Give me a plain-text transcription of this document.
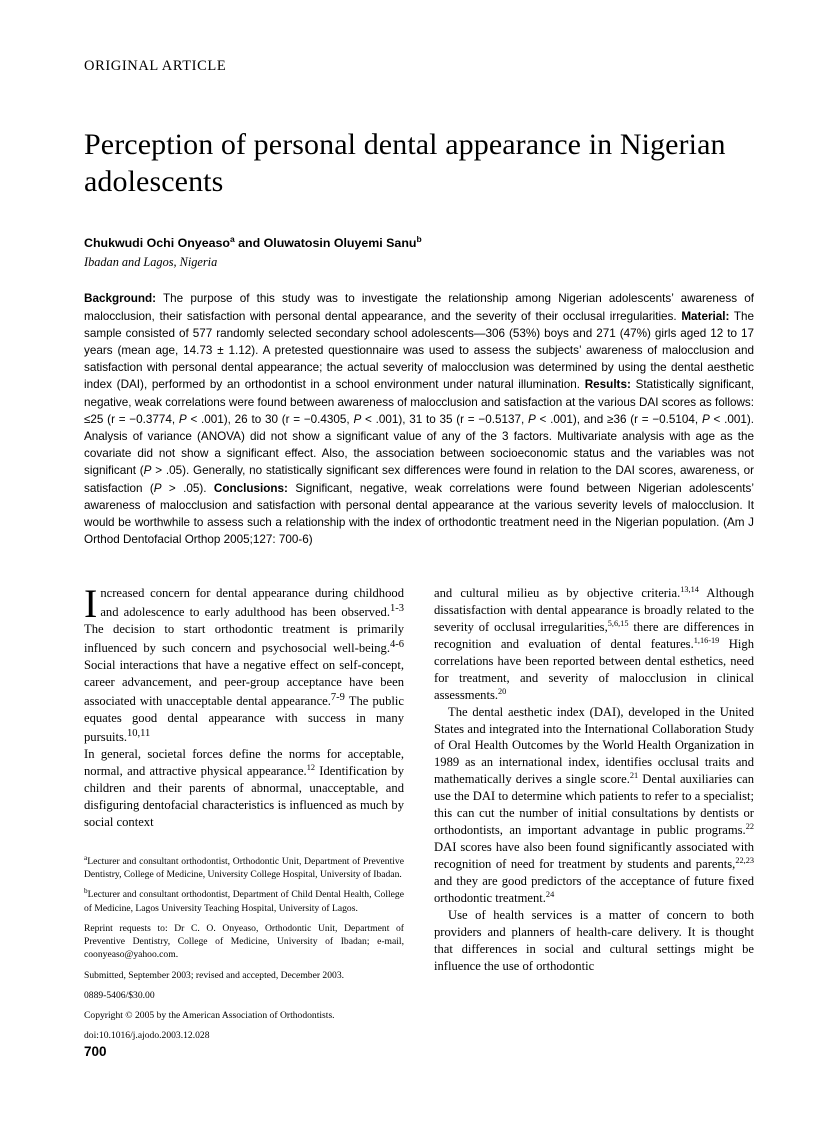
ORIGINAL ARTICLE
Perception of personal dental appearance in Nigerian adolescents

Chukwudi Ochi Onyeaso$^a$ and Oluwatosin Oluyemi Sanu$^b$

Ibadan and Lagos, Nigeria

Background: The purpose of this study was to investigate the relationship among Nigerian adolescents’ awareness of malocclusion, their satisfaction with personal dental appearance, and the severity of their occlusal irregularities. Material: The sample consisted of 577 randomly selected secondary school adolescents—306 (53%) boys and 271 (47%) girls aged 12 to 17 years (mean age, 14.73 ± 1.12). A pretested questionnaire was used to assess the subjects’ awareness of malocclusion and satisfaction with personal dental appearance; the actual severity of malocclusion was determined by using the dental aesthetic index (DAI), performed by an orthodontist in a school environment under natural illumination. Results: Statistically significant, negative, weak correlations were found between awareness of malocclusion and satisfaction at the various DAI scores as follows: ≤25 (r = −0.3774, P < .001), 26 to 30 (r = −0.4305, P < .001), 31 to 35 (r = −0.5137, P < .001), and ≥36 (r = −0.5104, P < .001). Analysis of variance (ANOVA) did not show a significant value of any of the 3 factors. Multivariate analysis with age as the covariate did not show a significant effect. Also, the association between socioeconomic status and the variables was not significant (P > .05). Generally, no statistically significant sex differences were found in relation to the DAI scores, awareness, or satisfaction (P > .05). Conclusions: Significant, negative, weak correlations were found between Nigerian adolescents’ awareness of malocclusion and satisfaction with personal dental appearance at the various severity levels of malocclusion. It would be worthwhile to assess such a relationship with the index of orthodontic treatment need in the Nigerian population. (Am J Orthod Dentofacial Orthop 2005;127: 700-6)

Increased concern for dental appearance during childhood and adolescence to early adulthood has been observed.$^{1-3}$ The decision to start orthodontic treatment is primarily influenced by such concern and psychosocial well-being.$^{4-6}$ Social interactions that have a negative effect on self-concept, career advancement, and peer-group acceptance have been associated with unacceptable dental appearance.$^{7-9}$ The public equates good dental appearance with success in many pursuits.$^{10,11}$

In general, societal forces define the norms for acceptable, normal, and attractive physical appearance.$^{12}$ Identification by children and their parents of abnormal, unacceptable, and disfiguring dentofacial characteristics is influenced as much by social context

$^a$Lecturer and consultant orthodontist, Orthodontic Unit, Department of Preventive Dentistry, College of Medicine, University College Hospital, University of Ibadan.

$^b$Lecturer and consultant orthodontist, Department of Child Dental Health, College of Medicine, Lagos University Teaching Hospital, University of Lagos.

Reprint requests to: Dr C. O. Onyeaso, Orthodontic Unit, Department of Preventive Dentistry, College of Medicine, University of Ibadan; e-mail, coonyeaso@yahoo.com.

Submitted, September 2003; revised and accepted, December 2003.

0889-5406/$30.00

Copyright © 2005 by the American Association of Orthodontists.

doi:10.1016/j.ajodo.2003.12.028

and cultural milieu as by objective criteria.$^{13,14}$ Although dissatisfaction with dental appearance is broadly related to the severity of occlusal irregularities,$^{5,6,15}$ there are differences in recognition and evaluation of dental features.$^{1,16-19}$ High correlations have been reported between dental esthetics, need for treatment, and severity of malocclusion in clinical assessments.$^{20}$

The dental aesthetic index (DAI), developed in the United States and integrated into the International Collaboration Study of Oral Health Outcomes by the World Health Organization in 1989 as an international index, identifies occlusal traits and mathematically derives a single score.$^{21}$ Dental auxiliaries can use the DAI to determine which patients to refer to a specialist; this can cut the number of initial consultations by dentists or orthodontists, an important advantage in public programs.$^{22}$ DAI scores have also been found significantly associated with recognition of need for treatment by students and parents,$^{22,23}$ and they are good predictors of the acceptance of future fixed orthodontic treatment.$^{24}$

Use of health services is a matter of concern to both providers and planners of health-care delivery. It is thought that differences in social and cultural settings might be influence the use of orthodontic

700
